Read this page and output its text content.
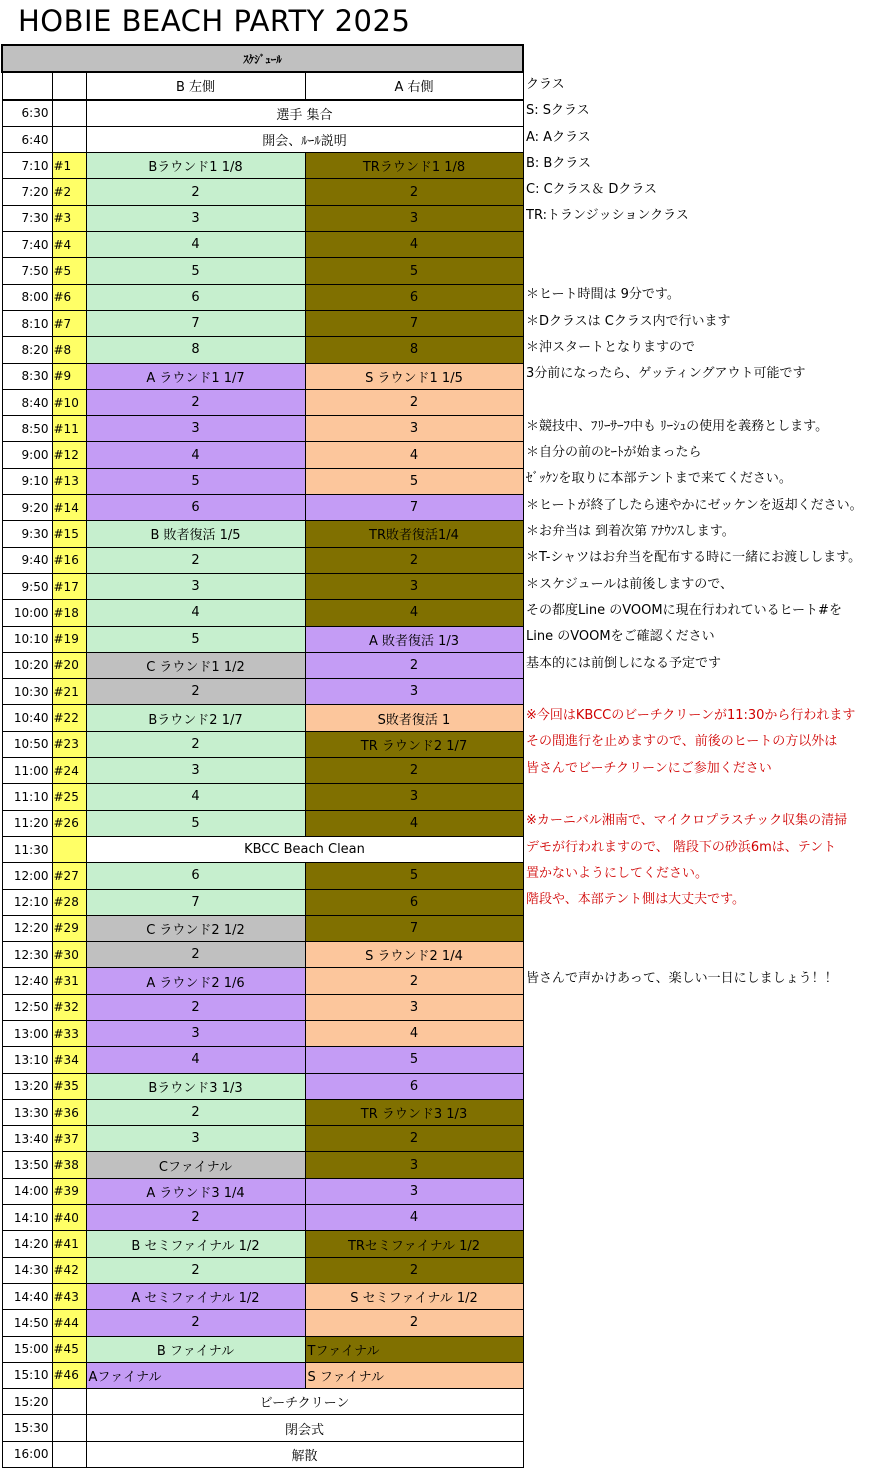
HOBIE BEACH PARTY 2025
ｽｹｼﾞｭｰﾙ			
		B 左側	A 右側
6:30		選手 集合	
6:40		開会、ﾙｰﾙ説明	
7:10	#1	Bラウンド1 1/8	TRラウンド1 1/8
7:20	#2	2	2
7:30	#3	3	3
7:40	#4	4	4
7:50	#5	5	5
8:00	#6	6	6
8:10	#7	7	7
8:20	#8	8	8
8:30	#9	A ラウンド1 1/7	S ラウンド1 1/5
8:40	#10	2	2
8:50	#11	3	3
9:00	#12	4	4
9:10	#13	5	5
9:20	#14	6	7
9:30	#15	B 敗者復活 1/5	TR敗者復活1/4
9:40	#16	2	2
9:50	#17	3	3
10:00	#18	4	4
10:10	#19	5	A 敗者復活 1/3
10:20	#20	C ラウンド1 1/2	2
10:30	#21	2	3
10:40	#22	Bラウンド2 1/7	S敗者復活 1
10:50	#23	2	TR ラウンド2 1/7
11:00	#24	3	2
11:10	#25	4	3
11:20	#26	5	4
11:30		KBCC Beach Clean	
12:00	#27	6	5
12:10	#28	7	6
12:20	#29	C ラウンド2 1/2	7
12:30	#30	2	S ラウンド2 1/4
12:40	#31	A ラウンド2 1/6	2
12:50	#32	2	3
13:00	#33	3	4
13:10	#34	4	5
13:20	#35	Bラウンド3 1/3	6
13:30	#36	2	TR ラウンド3 1/3
13:40	#37	3	2
13:50	#38	Cファイナル	3
14:00	#39	A ラウンド3 1/4	3
14:10	#40	2	4
14:20	#41	B セミファイナル 1/2	TRセミファイナル 1/2
14:30	#42	2	2
14:40	#43	A セミファイナル 1/2	S セミファイナル 1/2
14:50	#44	2	2
15:00	#45	B ファイナル	Tファイナル
15:10	#46	Aファイナル	S ファイナル
15:20		ビーチクリーン	
15:30		閉会式	
16:00		解散	
クラス
S: Sクラス
A: Aクラス
B: Bクラス
C: Cクラス＆ Dクラス
TR:トランジッションクラス
＊ヒート時間は 9分です。
＊Dクラスは Cクラス内で行います
＊沖スタートとなりますので
3分前になったら、ゲッティングアウト可能です
＊競技中、ﾌﾘｰｻｰﾌ中も ﾘｰｼｭの使用を義務とします。
＊自分の前のﾋｰﾄが始まったら
ｾﾞｯｹﾝを取りに本部テントまで来てください。
＊ヒートが終了したら速やかにゼッケンを返却ください。
＊お弁当は 到着次第 ｱﾅｳﾝｽします。
＊T-シャツはお弁当を配布する時に一緒にお渡しします。
＊スケジュールは前後しますので、
その都度Line のVOOMに現在行われているヒート#を
Line のVOOMをご確認ください
基本的には前倒しになる予定です
※今回はKBCCのビーチクリーンが11:30から行われます
その間進行を止めますので、前後のヒートの方以外は
皆さんでビーチクリーンにご参加ください
※カーニバル湘南で、マイクロプラスチック収集の清掃
デモが行われますので、 階段下の砂浜6mは、テント
置かないようにしてください。
階段や、本部テント側は大丈夫です。
皆さんで声かけあって、楽しい一日にしましょう！！
